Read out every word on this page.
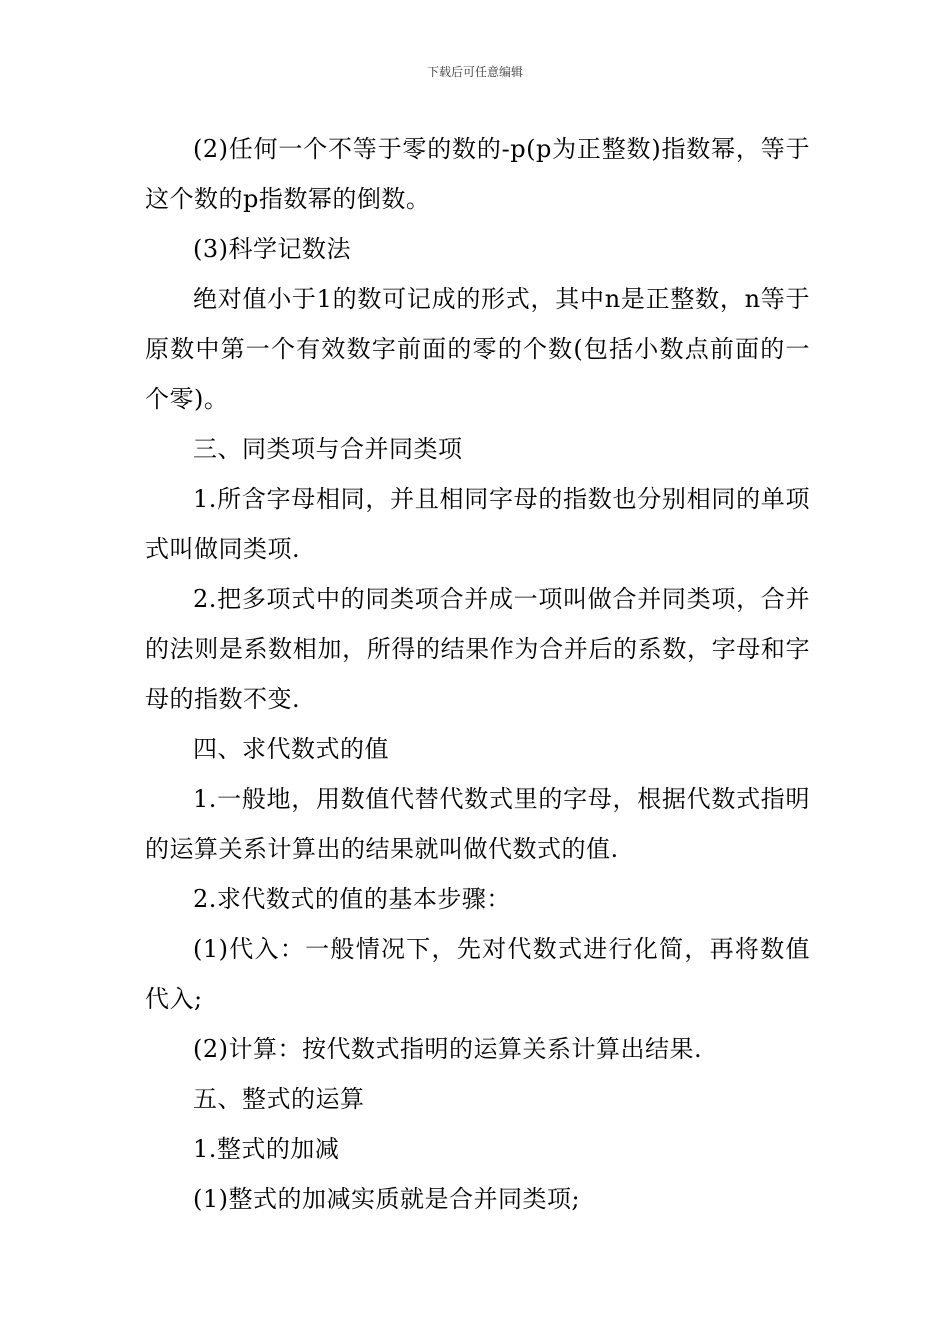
下载后可任意编辑

(2)任何一个不等于零的数的-p(p为正整数)指数幂，等于这个数的p指数幂的倒数。

(3)科学记数法

绝对值小于1的数可记成的形式，其中n是正整数，n等于原数中第一个有效数字前面的零的个数(包括小数点前面的一个零)。

三、同类项与合并同类项

1.所含字母相同，并且相同字母的指数也分别相同的单项式叫做同类项.

2.把多项式中的同类项合并成一项叫做合并同类项，合并的法则是系数相加，所得的结果作为合并后的系数，字母和字母的指数不变.

四、求代数式的值

1.一般地，用数值代替代数式里的字母，根据代数式指明的运算关系计算出的结果就叫做代数式的值.

2.求代数式的值的基本步骤：

(1)代入：一般情况下，先对代数式进行化简，再将数值代入;

(2)计算：按代数式指明的运算关系计算出结果.

五、整式的运算

1.整式的加减

(1)整式的加减实质就是合并同类项;
